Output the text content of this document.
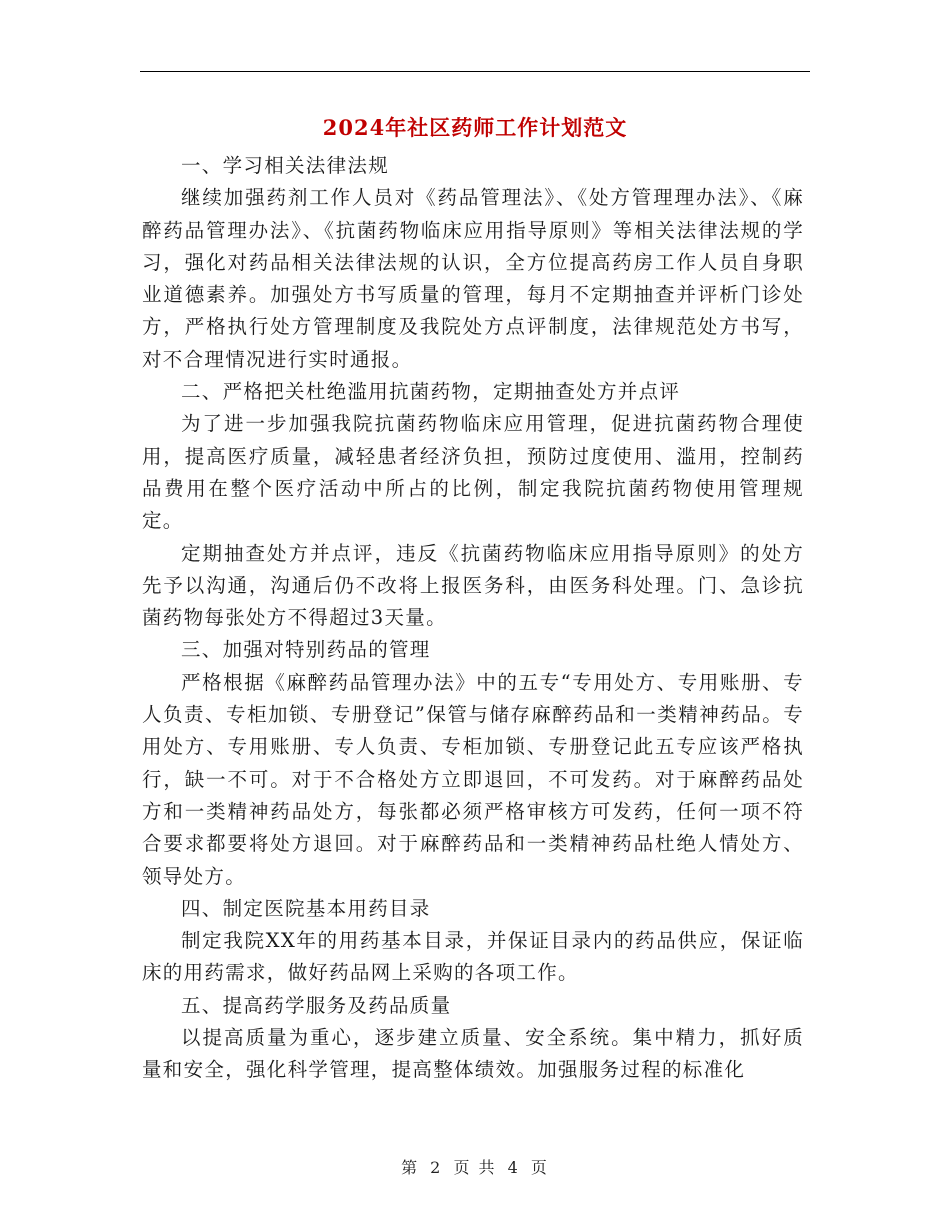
2024年社区药师工作计划范文

一、学习相关法律法规

继续加强药剂工作人员对《药品管理法》、《处方管理理办法》、《麻醉药品管理办法》、《抗菌药物临床应用指导原则》等相关法律法规的学习，强化对药品相关法律法规的认识，全方位提高药房工作人员自身职业道德素养。加强处方书写质量的管理，每月不定期抽查并评析门诊处方，严格执行处方管理制度及我院处方点评制度，法律规范处方书写，对不合理情况进行实时通报。

二、严格把关杜绝滥用抗菌药物，定期抽查处方并点评

为了进一步加强我院抗菌药物临床应用管理，促进抗菌药物合理使用，提高医疗质量，减轻患者经济负担，预防过度使用、滥用，控制药品费用在整个医疗活动中所占的比例，制定我院抗菌药物使用管理规定。

定期抽查处方并点评，违反《抗菌药物临床应用指导原则》的处方先予以沟通，沟通后仍不改将上报医务科，由医务科处理。门、急诊抗菌药物每张处方不得超过3天量。

三、加强对特别药品的管理

严格根据《麻醉药品管理办法》中的五专“专用处方、专用账册、专人负责、专柜加锁、专册登记”保管与储存麻醉药品和一类精神药品。专用处方、专用账册、专人负责、专柜加锁、专册登记此五专应该严格执行，缺一不可。对于不合格处方立即退回，不可发药。对于麻醉药品处方和一类精神药品处方，每张都必须严格审核方可发药，任何一项不符合要求都要将处方退回。对于麻醉药品和一类精神药品杜绝人情处方、领导处方。

四、制定医院基本用药目录

制定我院XX年的用药基本目录，并保证目录内的药品供应，保证临床的用药需求，做好药品网上采购的各项工作。

五、提高药学服务及药品质量

以提高质量为重心，逐步建立质量、安全系统。集中精力，抓好质量和安全，强化科学管理，提高整体绩效。加强服务过程的标准化

第 2 页 共 4 页
